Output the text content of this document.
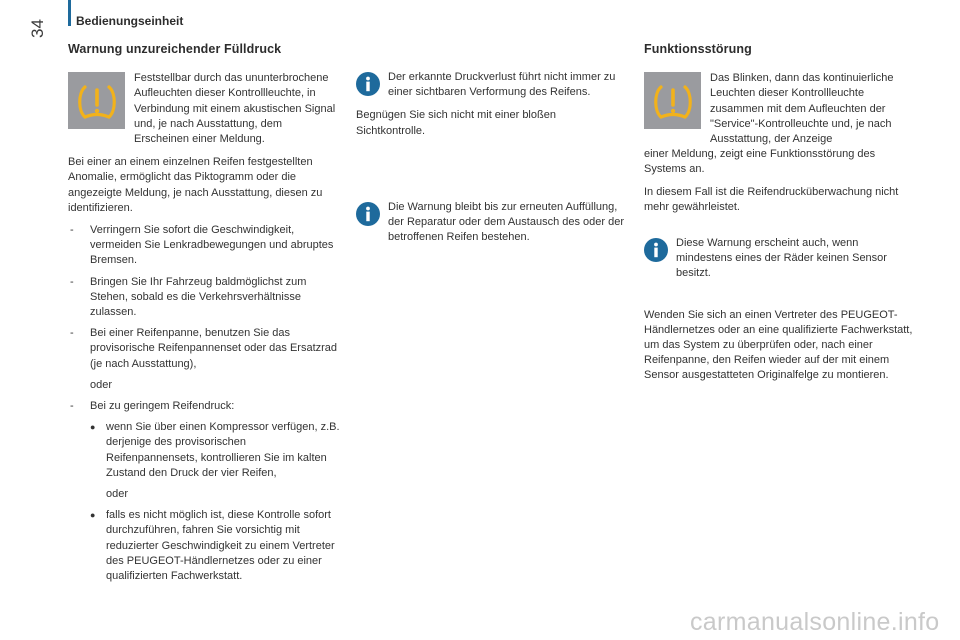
34 Bedienungseinheit
Warnung unzureichender Fülldruck
Feststellbar durch das ununterbrochene Aufleuchten dieser Kontrollleuchte, in Verbindung mit einem akustischen Signal und, je nach Ausstattung, dem Erscheinen einer Meldung.

Bei einer an einem einzelnen Reifen festgestellten Anomalie, ermöglicht das Piktogramm oder die angezeigte Meldung, je nach Ausstattung, diesen zu identifizieren.

- Verringern Sie sofort die Geschwindigkeit, vermeiden Sie Lenkradbewegungen und abruptes Bremsen.
- Bringen Sie Ihr Fahrzeug baldmöglichst zum Stehen, sobald es die Verkehrsverhältnisse zulassen.
- Bei einer Reifenpanne, benutzen Sie das provisorische Reifenpannenset oder das Ersatzrad (je nach Ausstattung),
oder
- Bei zu geringem Reifendruck:
● wenn Sie über einen Kompressor verfügen, z.B. derjenige des provisorischen Reifenpannensets, kontrollieren Sie im kalten Zustand den Druck der vier Reifen,
oder
● falls es nicht möglich ist, diese Kontrolle sofort durchzuführen, fahren Sie vorsichtig mit reduzierter Geschwindigkeit zu einem Vertreter des PEUGEOT-Händlernetzes oder zu einer qualifizierten Fachwerkstatt.
Der erkannte Druckverlust führt nicht immer zu einer sichtbaren Verformung des Reifens.

Begnügen Sie sich nicht mit einer bloßen Sichtkontrolle.

Die Warnung bleibt bis zur erneuten Auffüllung, der Reparatur oder dem Austausch des oder der betroffenen Reifen bestehen.
Funktionsstörung
Das Blinken, dann das kontinuierliche Leuchten dieser Kontrollleuchte zusammen mit dem Aufleuchten der "Service"-Kontrolleuchte und, je nach Ausstattung, der Anzeige

einer Meldung, zeigt eine Funktionsstörung des Systems an.

In diesem Fall ist die Reifendrucküberwachung nicht mehr gewährleistet.

Diese Warnung erscheint auch, wenn mindestens eines der Räder keinen Sensor besitzt.

Wenden Sie sich an einen Vertreter des PEUGEOT-Händlernetzes oder an eine qualifizierte Fachwerkstatt, um das System zu überprüfen oder, nach einer Reifenpanne, den Reifen wieder auf der mit einem Sensor ausgestatteten Originalfelge zu montieren.

carmanualsonline.info
